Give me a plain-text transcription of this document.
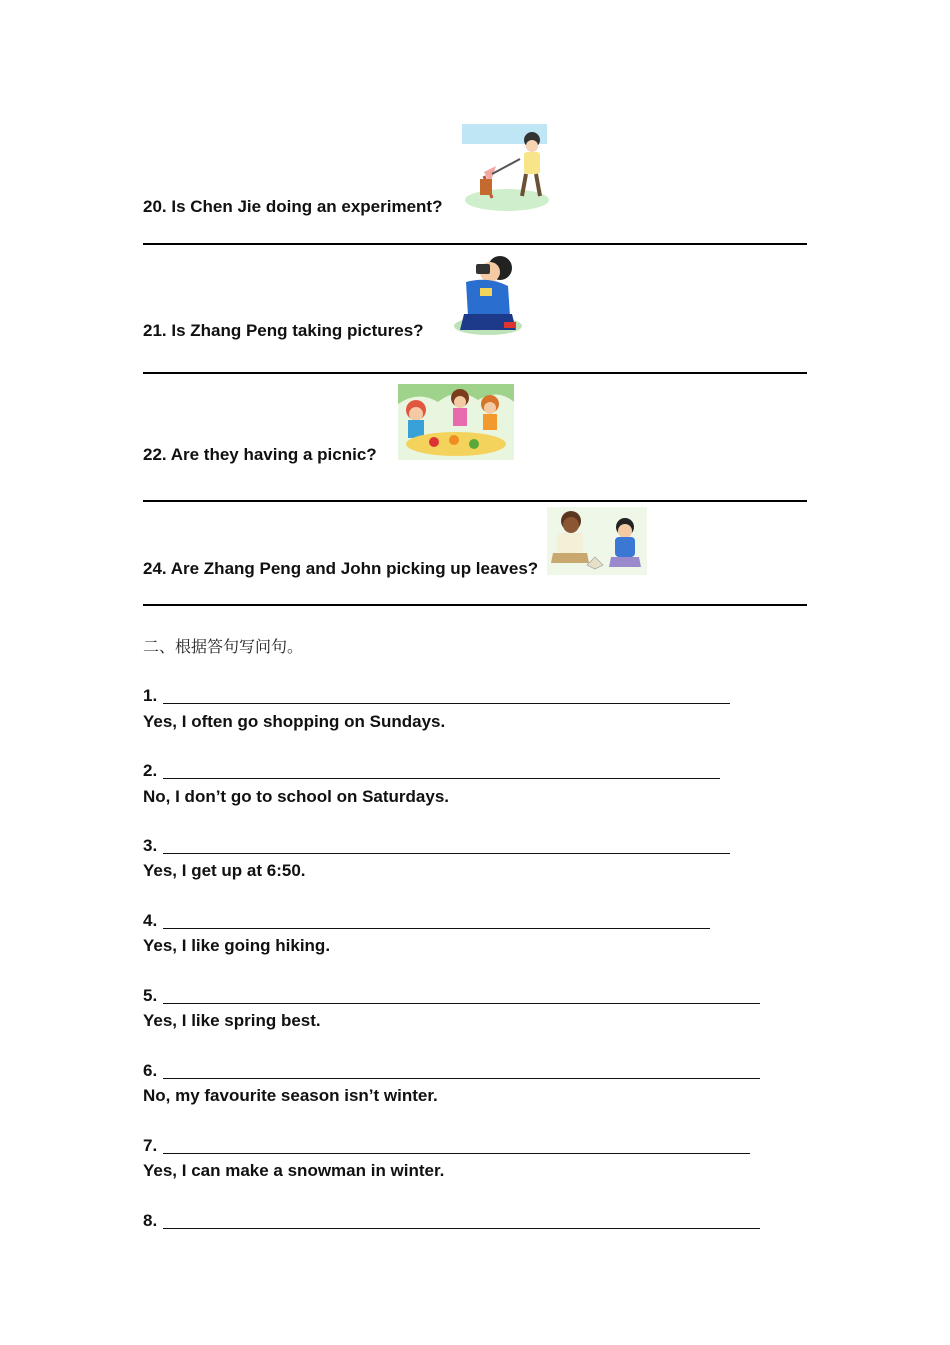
20. Is Chen Jie doing an experiment?
21. Is Zhang Peng taking pictures?
22. Are they having a picnic?
24. Are Zhang Peng and John picking up leaves?
二、根据答句写问句。
1.
Yes, I often go shopping on Sundays.
2.
No, I don’t go to school on Saturdays.
3.
Yes, I get up at 6:50.
4.
Yes, I like going hiking.
5.
Yes, I like spring best.
6.
No, my favourite season isn’t winter.
7.
Yes, I can make a snowman in winter.
8.
